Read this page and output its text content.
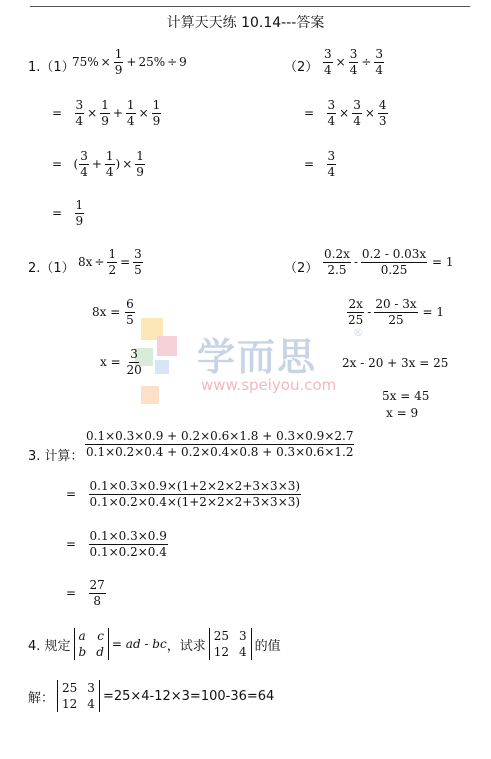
计算天天练 10.14---答案
学而思
www.speiyou.com
®
1.（1）
$75\% \times \frac{1}{9} + 25\% \div 9$
=
$\frac{3}{4} \times \frac{1}{9} + \frac{1}{4} \times \frac{1}{9}$
=
( $\frac{3}{4} + \frac{1}{4}$ ) × $\frac{1}{9}$
=
$\frac{1}{9}$
$(2) \frac{3}{4} \times \frac{3}{4} \div \frac{3}{4}$
=
$\frac{3}{4} \times \frac{3}{4} \times \frac{4}{3}$
=
$\frac{3}{4}$
2.（1） $8x \div \frac{1}{2} = \frac{3}{5}$
8x =
$\frac{6}{5}$
x =
$\frac{3}{20}$
$(2) \frac{0.2x}{2.5} - \frac{0.2 - 0.03x}{0.25}$
= 1
$\frac{2x}{25} - \frac{20 - 3x}{25}$
= 1
2x - 20 + 3x = 25
5x = 45
x = 9
3. 计算： $\frac{0.1\times 0.3\times 0.9 + 0.2\times 0.6\times 1.8 + 0.3\times 0.9\times 2.7}{0.1\times 0.2\times 0.4 + 0.2\times 0.4\times 0.8 + 0.3\times 0.6\times 1.2}$
=
$\frac{0.1\times 0.3\times 0.9\times(1+2\times 2\times 2+3\times 3\times 3)}{0.1\times 0.2\times 0.4\times(1+2\times 2\times 2+3\times 3\times 3)}$
=
$\frac{0.1\times 0.3\times 0.9}{0.1\times 0.2\times 0.4}$
=
$\frac{27}{8}$
4. 规定
a c
b d
= ad - bc ，试求
25 3
12 4 的值
解：
25 3
12 4
=25×4-12×3=100-36=64
